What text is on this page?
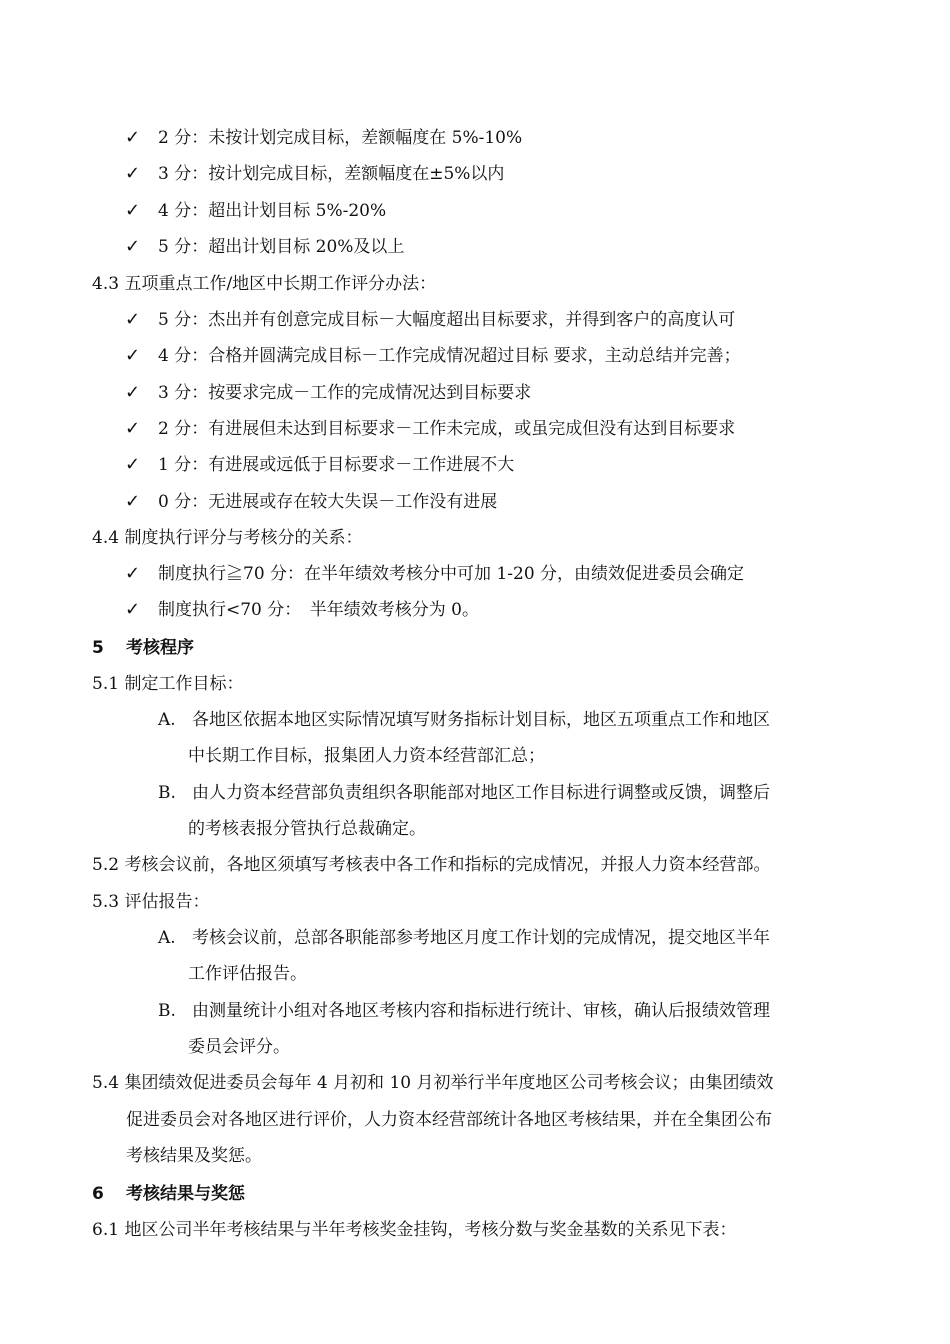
✓ 2 分：未按计划完成目标，差额幅度在 5%-10%
✓ 3 分：按计划完成目标，差额幅度在±5%以内
✓ 4 分：超出计划目标 5%-20%
✓ 5 分：超出计划目标 20%及以上
4.3 五项重点工作/地区中长期工作评分办法：
✓ 5 分：杰出并有创意完成目标－大幅度超出目标要求，并得到客户的高度认可
✓ 4 分：合格并圆满完成目标－工作完成情况超过目标 要求，主动总结并完善；
✓ 3 分：按要求完成－工作的完成情况达到目标要求
✓ 2 分：有进展但未达到目标要求－工作未完成，或虽完成但没有达到目标要求
✓ 1 分：有进展或远低于目标要求－工作进展不大
✓ 0 分：无进展或存在较大失误－工作没有进展
4.4 制度执行评分与考核分的关系：
✓ 制度执行≧70 分：在半年绩效考核分中可加 1-20 分，由绩效促进委员会确定
✓ 制度执行<70 分：　半年绩效考核分为 0。
5 考核程序
5.1 制定工作目标：
A. 各地区依据本地区实际情况填写财务指标计划目标，地区五项重点工作和地区
中长期工作目标，报集团人力资本经营部汇总；
B. 由人力资本经营部负责组织各职能部对地区工作目标进行调整或反馈，调整后
的考核表报分管执行总裁确定。
5.2 考核会议前，各地区须填写考核表中各工作和指标的完成情况，并报人力资本经营部。
5.3 评估报告：
A. 考核会议前，总部各职能部参考地区月度工作计划的完成情况，提交地区半年
工作评估报告。
B. 由测量统计小组对各地区考核内容和指标进行统计、审核，确认后报绩效管理
委员会评分。
5.4 集团绩效促进委员会每年 4 月初和 10 月初举行半年度地区公司考核会议；由集团绩效
促进委员会对各地区进行评价，人力资本经营部统计各地区考核结果，并在全集团公布
考核结果及奖惩。
6 考核结果与奖惩
6.1 地区公司半年考核结果与半年考核奖金挂钩，考核分数与奖金基数的关系见下表：
